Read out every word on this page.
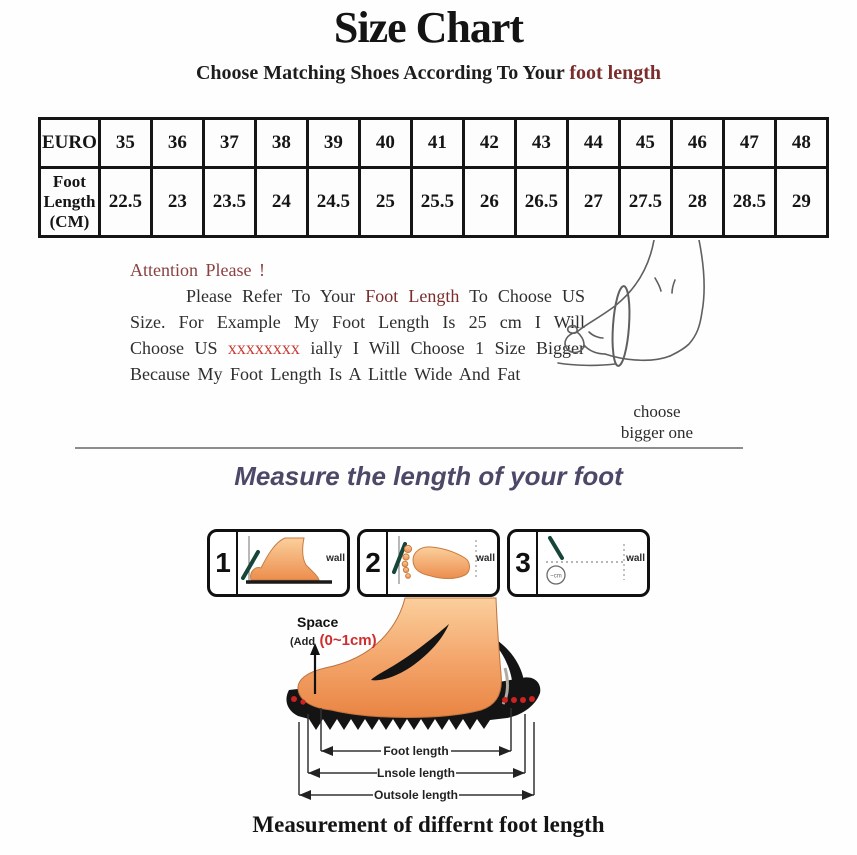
Size Chart
Choose Matching Shoes According To Your foot length
EURO	35	36	37	38	39	40	41	42	43	44	45	46	47	48

Foot
Length
(CM)	22.5	23	23.5	24	24.5	25	25.5	26	26.5	27	27.5	28	28.5	29
Attention Please !

Please Refer To Your Foot Length To Choose US Size. For Example My Foot Length Is 25 cm I Will Choose US xxxxxxxx ially I Will Choose 1 Size Bigger Because My Foot Length Is A Little Wide And Fat

choose
bigger one
Measure the length of your foot
1	wall 2	wall 3	~cm
wall
Space
(Add (0~1cm)
Foot length
Lnsole length
Outsole length
Measurement of differnt foot length
